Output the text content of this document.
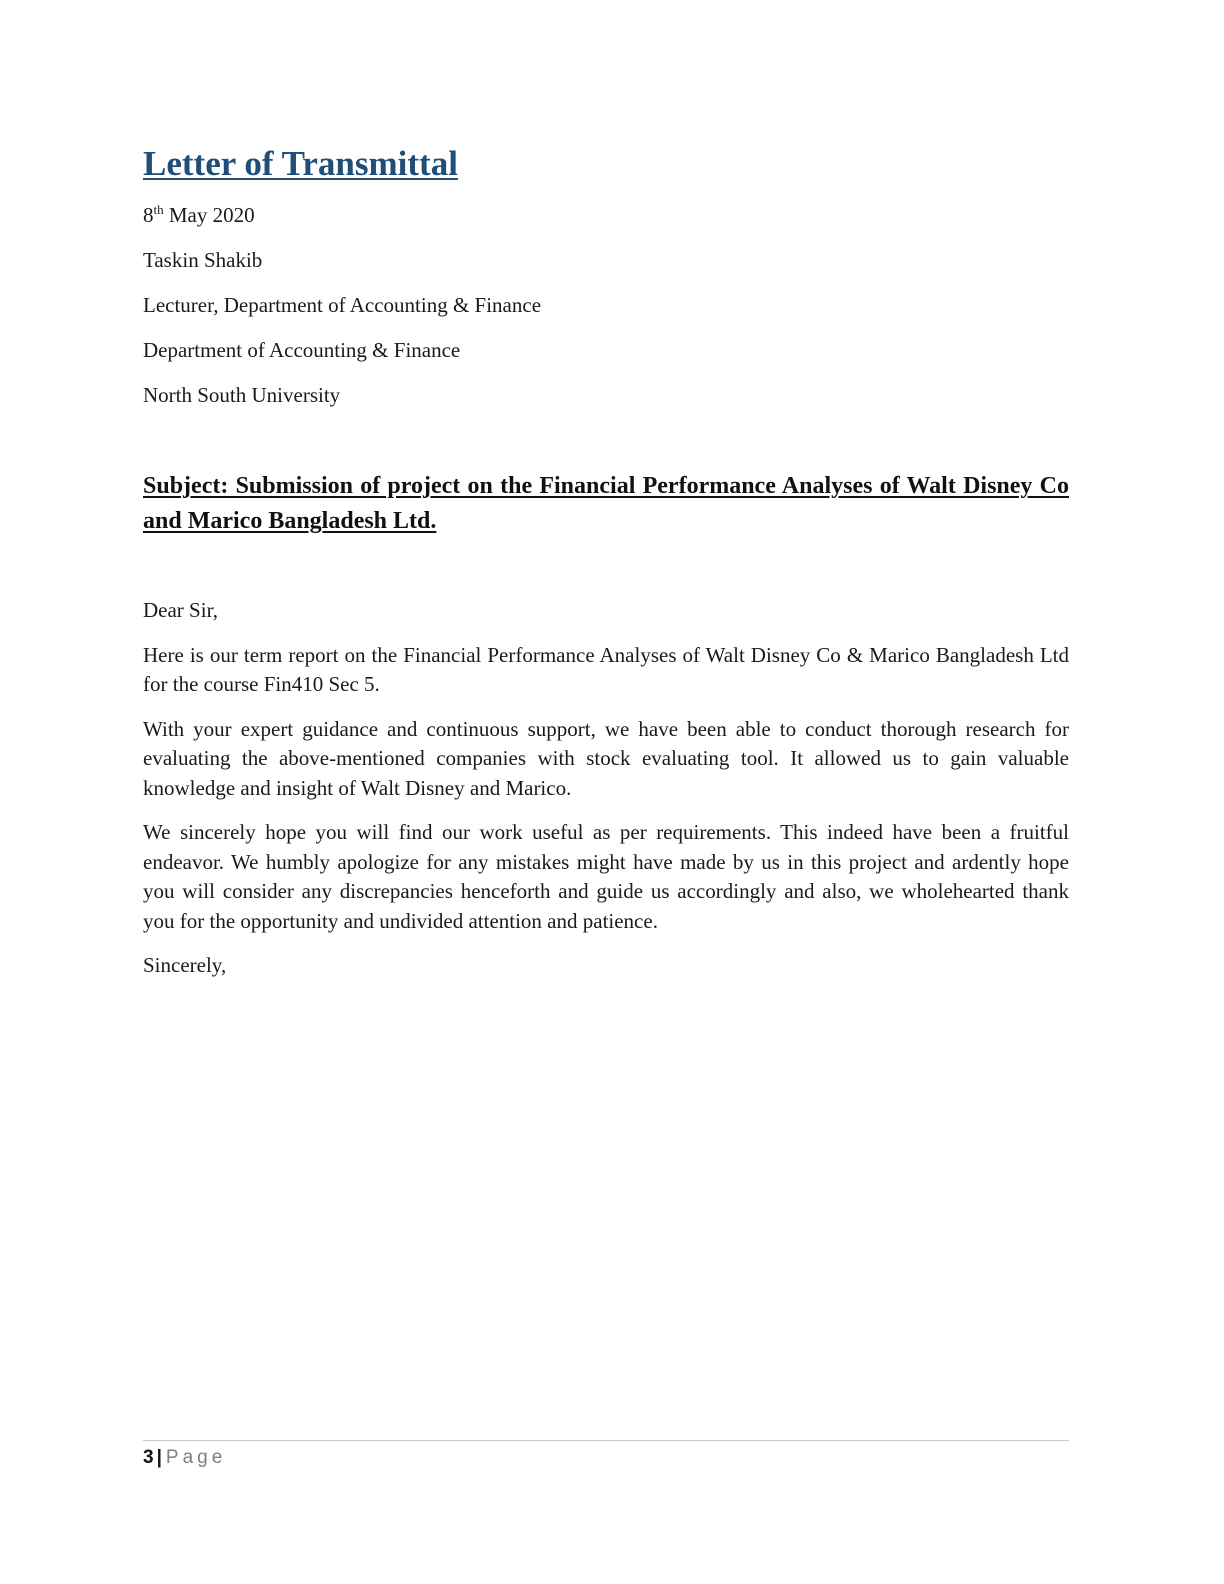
Letter of Transmittal
8th May 2020
Taskin Shakib
Lecturer, Department of Accounting & Finance
Department of Accounting & Finance
North South University
Subject: Submission of project on the Financial Performance Analyses of Walt Disney Co and Marico Bangladesh Ltd.
Dear Sir,
Here is our term report on the Financial Performance Analyses of Walt Disney Co & Marico Bangladesh Ltd for the course Fin410 Sec 5.
With your expert guidance and continuous support, we have been able to conduct thorough research for evaluating the above-mentioned companies with stock evaluating tool. It allowed us to gain valuable knowledge and insight of Walt Disney and Marico.
We sincerely hope you will find our work useful as per requirements. This indeed have been a fruitful endeavor. We humbly apologize for any mistakes might have made by us in this project and ardently hope you will consider any discrepancies henceforth and guide us accordingly and also, we wholehearted thank you for the opportunity and undivided attention and patience.
Sincerely,
3 | Page
